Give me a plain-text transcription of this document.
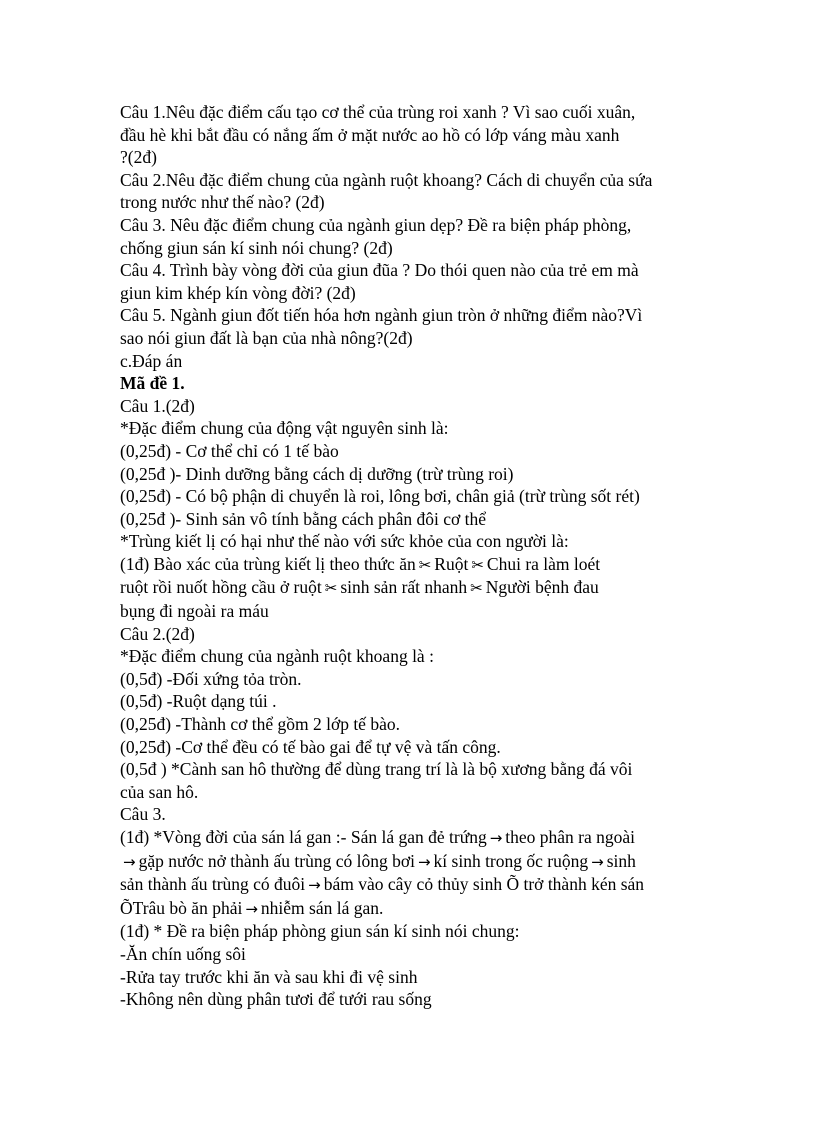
Câu 1.Nêu đặc điểm cấu tạo cơ thể của trùng roi xanh ? Vì sao cuối xuân,

đầu hè khi bắt đầu có nắng ấm ở mặt nước ao hồ có lớp váng màu xanh

?(2đ)

Câu 2.Nêu đặc điểm chung của ngành ruột khoang? Cách di chuyển của sứa

trong nước như thế nào? (2đ)

Câu 3. Nêu đặc điểm chung của ngành giun dẹp? Đề ra biện pháp phòng,

chống giun sán kí sinh nói chung? (2đ)

Câu 4. Trình bày vòng đời của giun đũa ? Do thói quen nào của trẻ em mà

giun kim khép kín vòng đời? (2đ)

Câu 5. Ngành giun đốt tiến hóa hơn ngành giun tròn ở những điểm nào?Vì

sao nói giun đất là bạn của nhà nông?(2đ)

c.Đáp án

Mã đề 1.

Câu 1.(2đ)

*Đặc điểm chung của động vật nguyên sinh là:

(0,25đ) - Cơ thể chỉ có 1 tế bào

(0,25đ )- Dinh dưỡng bằng cách dị dưỡng (trừ trùng roi)

(0,25đ) - Có bộ phận di chuyển là roi, lông bơi, chân giả (trừ trùng sốt rét)

(0,25đ )- Sinh sản vô tính bằng cách phân đôi cơ thể

*Trùng kiết lị có hại như thế nào với sức khỏe của con người là:

(1đ) Bào xác của trùng kiết lị theo thức ăn ✂ Ruột ✂ Chui ra làm loét

ruột rồi nuốt hồng cầu ở ruột ✂ sinh sản rất nhanh ✂ Người bệnh đau

bụng đi ngoài ra máu

Câu 2.(2đ)

*Đặc điểm chung của ngành ruột khoang là :

(0,5đ) -Đối xứng tỏa tròn.

(0,5đ) -Ruột dạng túi .

(0,25đ) -Thành cơ thể gồm 2 lớp tế bào.

(0,25đ) -Cơ thể đều có tế bào gai để tự vệ và tấn công.

(0,5đ ) *Cành san hô thường để dùng trang trí là là bộ xương bằng đá vôi

của san hô.

Câu 3.

(1đ) *Vòng đời của sán lá gan :- Sán lá gan đẻ trứng → theo phân ra ngoài

→ gặp nước nở thành ấu trùng có lông bơi → kí sinh trong ốc ruộng → sinh

sản thành ấu trùng có đuôi → bám vào cây cỏ thủy sinh Õ trở thành kén sán

ÕTrâu bò ăn phải → nhiễm sán lá gan.

(1đ) * Đề ra biện pháp phòng giun sán kí sinh nói chung:

-Ăn chín uống sôi

-Rửa tay trước khi ăn và sau khi đi vệ sinh

-Không nên dùng phân tươi để tưới rau sống
